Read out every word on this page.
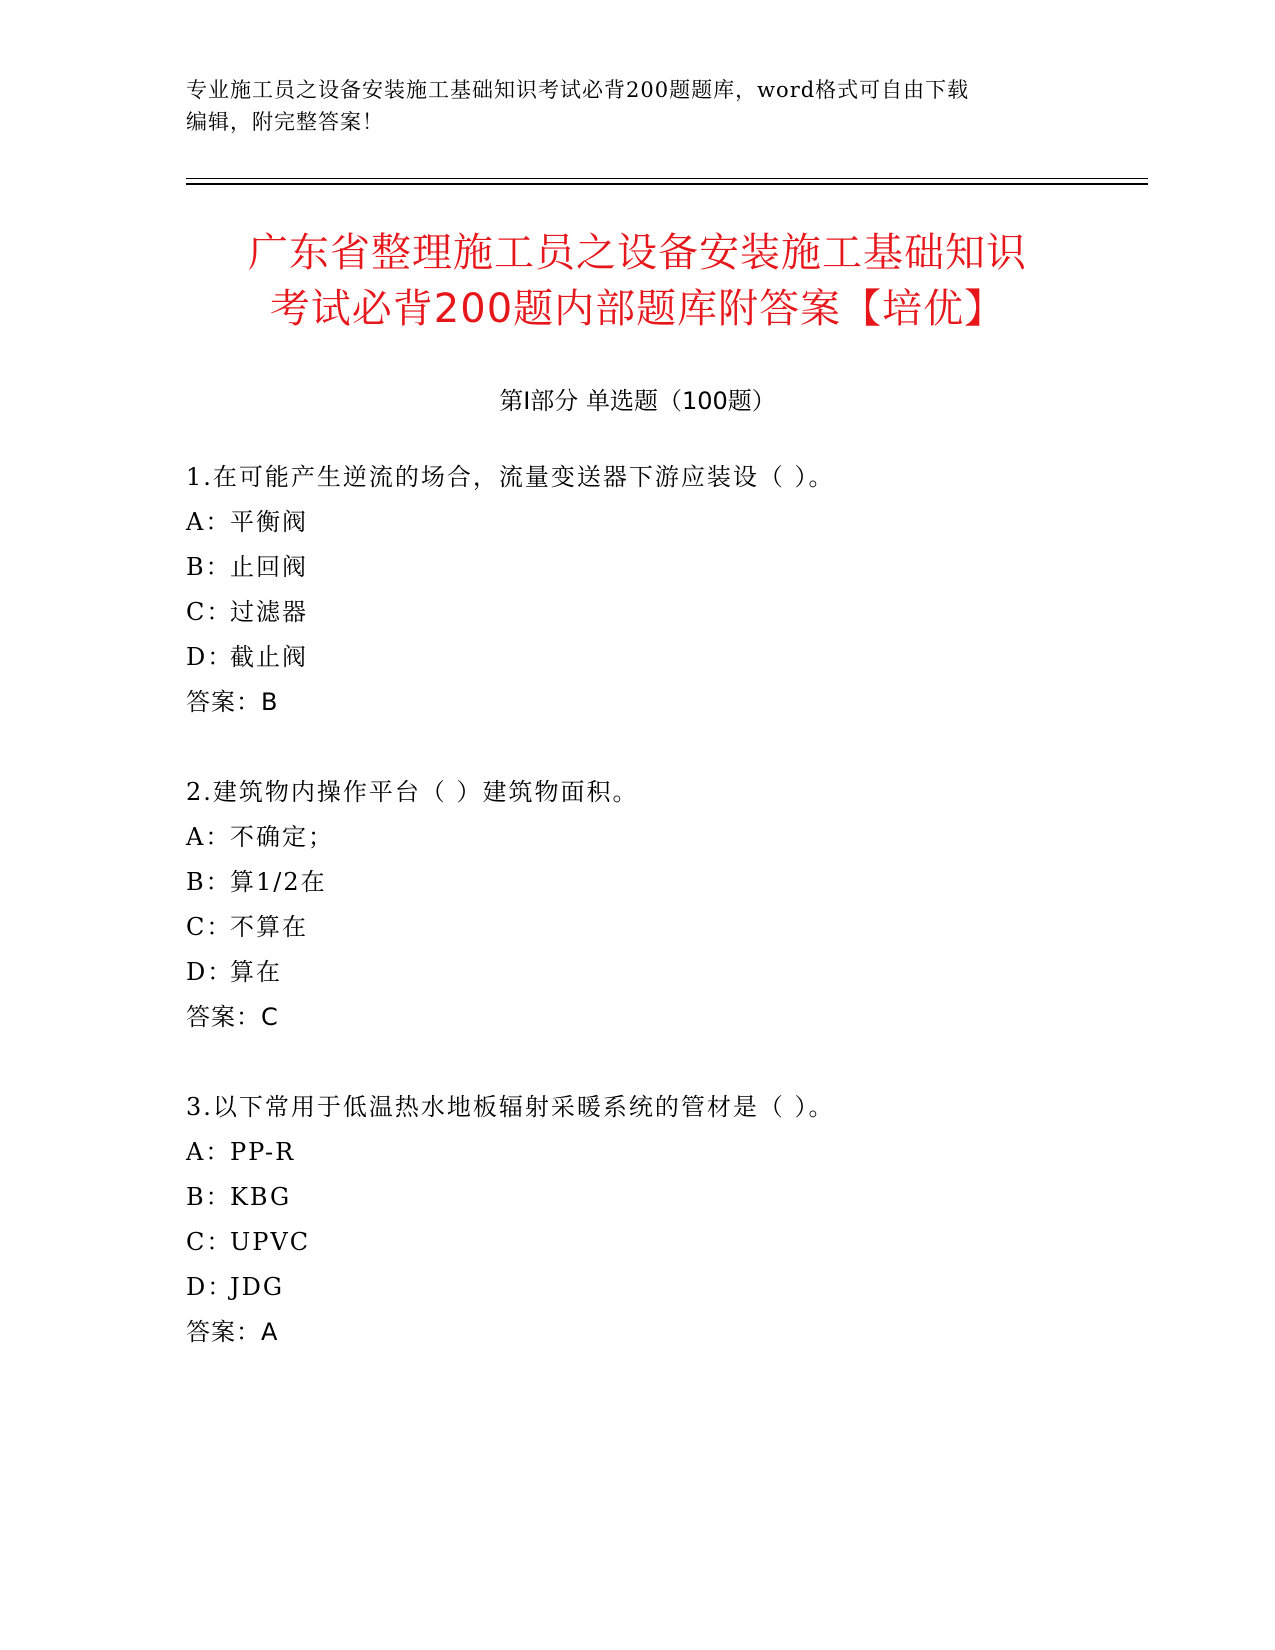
专业施工员之设备安装施工基础知识考试必背200题题库，word格式可自由下载
编辑，附完整答案！
广东省整理施工员之设备安装施工基础知识
考试必背200题内部题库附答案【培优】
第I部分 单选题（100题）
1.在可能产生逆流的场合，流量变送器下游应装设（ ）。
A：平衡阀
B：止回阀
C：过滤器
D：截止阀
答案：B
2.建筑物内操作平台（ ）建筑物面积。
A：不确定；
B：算1/2在
C：不算在
D：算在
答案：C
3.以下常用于低温热水地板辐射采暖系统的管材是（ ）。
A：PP-R
B：KBG
C：UPVC
D：JDG
答案：A
